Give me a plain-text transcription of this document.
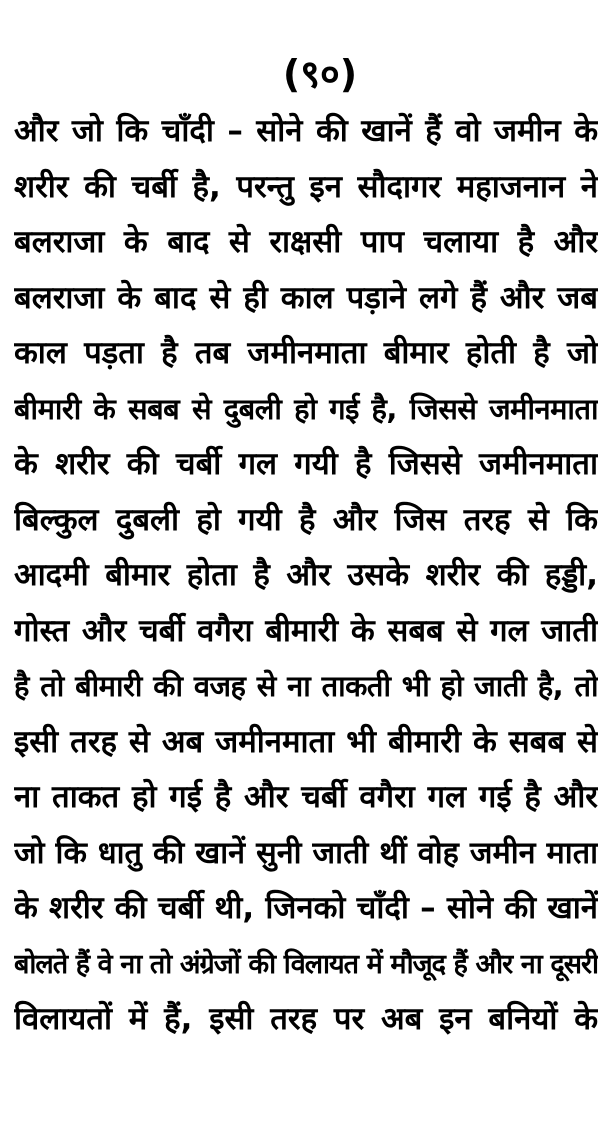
(९०)
और जो कि चाँदी – सोने की खानें हैं वो जमीन के
शरीर की चर्बी है, परन्तु इन सौदागर महाजनान ने
बलराजा के बाद से राक्षसी पाप चलाया है और
बलराजा के बाद से ही काल पड़ाने लगे हैं और जब
काल पड़ता है तब जमीनमाता बीमार होती है जो
बीमारी के सबब से दुबली हो गई है, जिससे जमीनमाता
के शरीर की चर्बी गल गयी है जिससे जमीनमाता
बिल्कुल दुबली हो गयी है और जिस तरह से कि
आदमी बीमार होता है और उसके शरीर की हड्डी,
गोस्त और चर्बी वगैरा बीमारी के सबब से गल जाती
है तो बीमारी की वजह से ना ताकती भी हो जाती है, तो
इसी तरह से अब जमीनमाता भी बीमारी के सबब से
ना ताकत हो गई है और चर्बी वगैरा गल गई है और
जो कि धातु की खानें सुनी जाती थीं वोह जमीन माता
के शरीर की चर्बी थी, जिनको चाँदी – सोने की खानें
बोलते हैं वे ना तो अंग्रेजों की विलायत में मौजूद हैं और ना दूसरी
विलायतों में हैं, इसी तरह पर अब इन बनियों के
